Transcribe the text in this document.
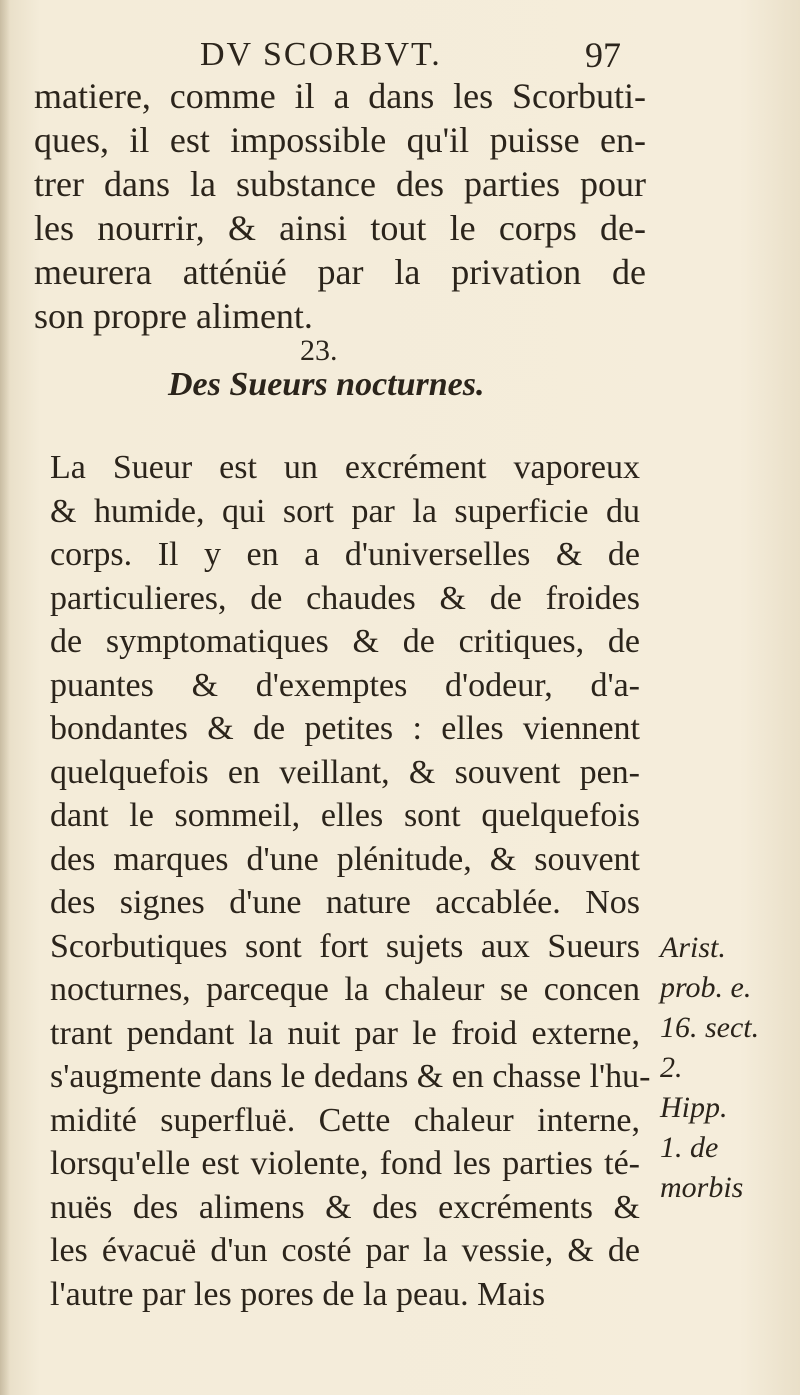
DV SCORBVT.	97
matiere, comme il a dans les Scorbuti-
ques, il est impossible qu'il puisse en-
trer dans la substance des parties pour
les nourrir, & ainsi tout le corps de-
meurera atténüé par la privation de
son propre aliment.
23.
Des Sueurs nocturnes.
La Sueur est un excrément vaporeux
& humide, qui sort par la superficie du
corps. Il y en a d'universelles & de
particulieres, de chaudes & de froides
de symptomatiques & de critiques, de
puantes & d'exemptes d'odeur, d'a-
bondantes & de petites : elles viennent
quelquefois en veillant, & souvent pen-
dant le sommeil, elles sont quelquefois
des marques d'une plénitude, & souvent
des signes d'une nature accablée. Nos
Scorbutiques sont fort sujets aux Sueurs
nocturnes, parceque la chaleur se concen
trant pendant la nuit par le froid externe,
s'augmente dans le dedans & en chasse l'hu-
midité superfluë. Cette chaleur interne,
lorsqu'elle est violente, fond les parties té-
nuës des alimens & des excréments &
les évacuë d'un costé par la vessie, & de
l'autre par les pores de la peau. Mais
Arist.
prob. e.
16. sect.
2.
Hipp.
1. de
morbis
